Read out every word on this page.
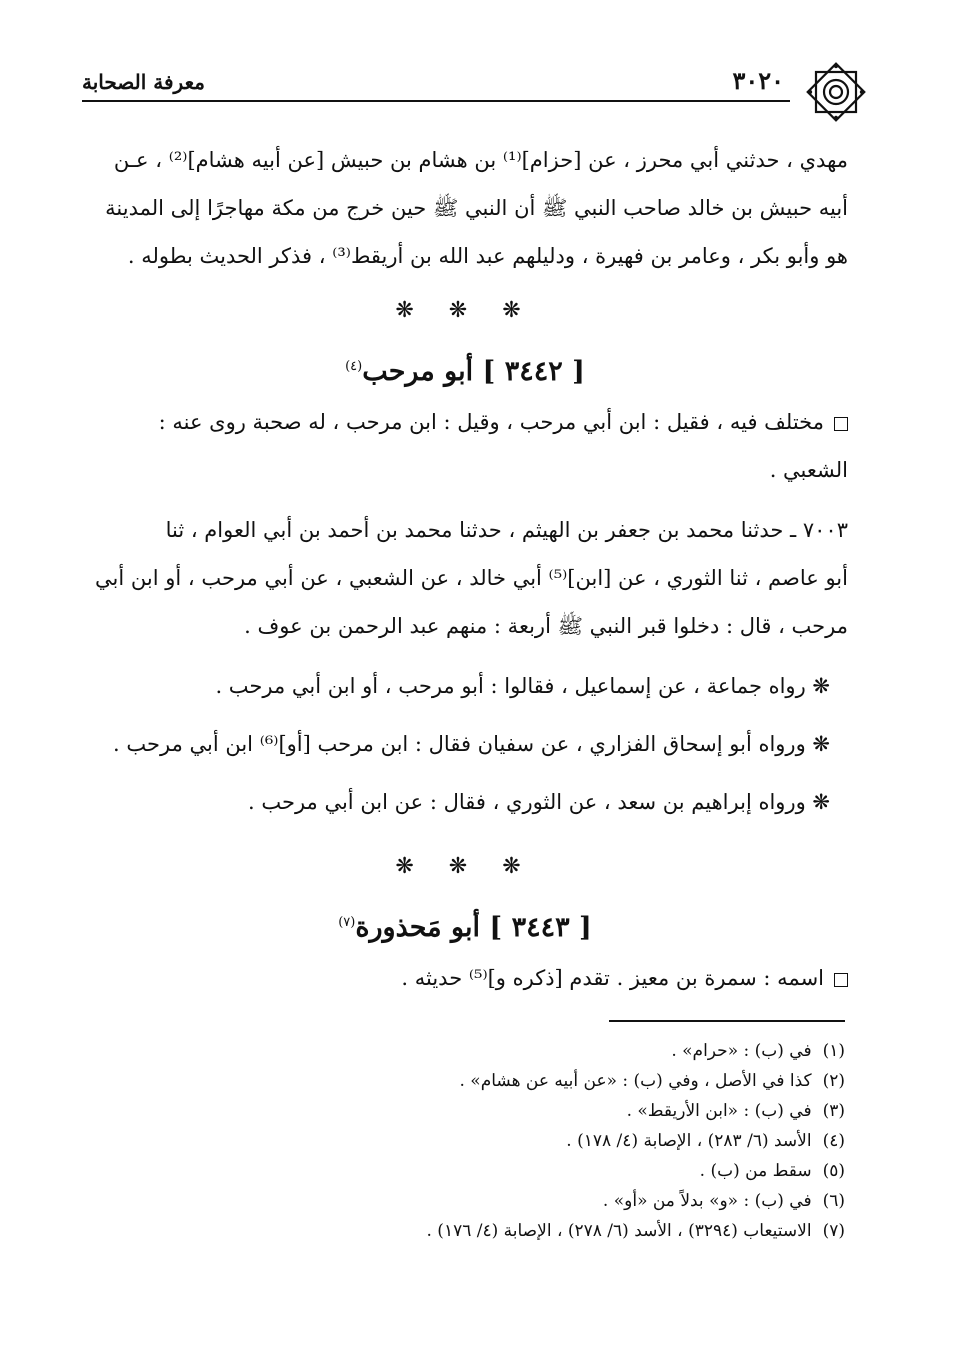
٣٠٢٠
معرفة الصحابة

مهدي ، حدثني أبي محرز ، عن [حزام]⁽¹⁾ بن هشام بن حبيش [عن أبيه هشام]⁽²⁾ ، عـن

أبيه حبيش بن خالد صاحب النبي ﷺ أن النبي ﷺ حين خرج من مكة مهاجرًا إلى المدينة

هو وأبو بكر ، وعامر بن فهيرة ، ودليلهم عبد الله بن أريقط⁽³⁾ ، فذكر الحديث بطوله .

❋ ❋ ❋
[ ٣٤٤٢ ] أبو مرحب$^{(٤)}$

مختلف فيه ، فقيل : ابن أبي مرحب ، وقيل : ابن مرحب ، له صحبة روى عنه :

الشعبي .

٧٠٠٣ ـ حدثنا محمد بن جعفر بن الهيثم ، حدثنا محمد بن أحمد بن أبي العوام ، ثنا

أبو عاصم ، ثنا الثوري ، عن [ابن]⁽⁵⁾ أبي خالد ، عن الشعبي ، عن أبي مرحب ، أو ابن أبي

مرحب ، قال : دخلوا قبر النبي ﷺ أربعة : منهم عبد الرحمن بن عوف .

❋ رواه جماعة ، عن إسماعيل ، فقالوا : أبو مرحب ، أو ابن أبي مرحب .
❋ ورواه أبو إسحاق الفزاري ، عن سفيان فقال : ابن مرحب [أو]⁽⁶⁾ ابن أبي مرحب .
❋ ورواه إبراهيم بن سعد ، عن الثوري ، فقال : عن ابن أبي مرحب .
❋ ❋ ❋
[ ٣٤٤٣ ] أبو مَحذورة$^{(٧)}$

اسمه : سمرة بن معيز . تقدم [ذكره و]⁽⁵⁾ حديثه .

(١) في (ب) : «حرام» .
(٢) كذا في الأصل ، وفي (ب) : «عن أبيه عن هشام» .
(٣) في (ب) : «ابن الأريقط» .
(٤) الأسد (٦/ ٢٨٣) ، الإصابة (٤/ ١٧٨) .
(٥) سقط من (ب) .
(٦) في (ب) : «و» بدلاً من «أو» .
(٧) الاستيعاب (٣٢٩٤) ، الأسد (٦/ ٢٧٨) ، الإصابة (٤/ ١٧٦) .
